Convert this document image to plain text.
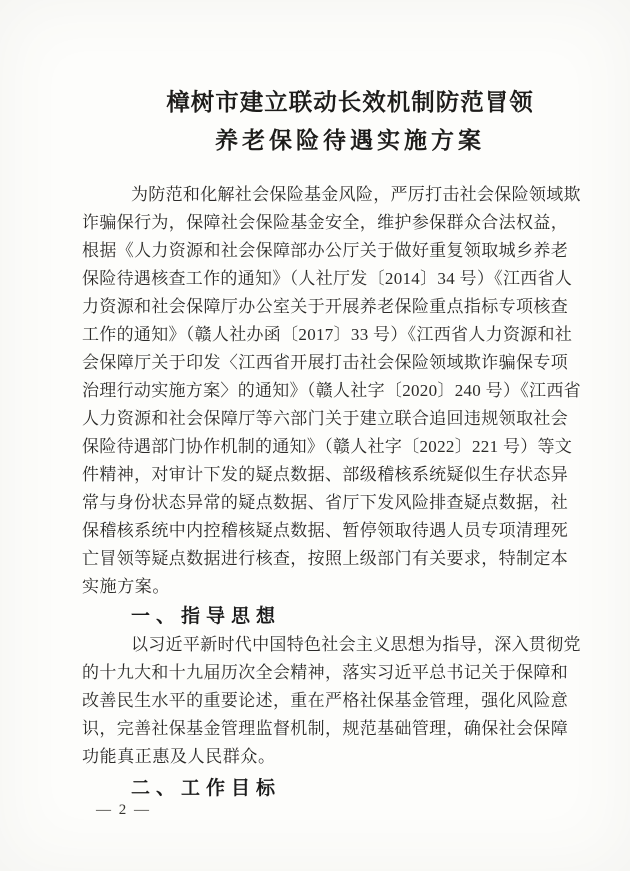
樟树市建立联动长效机制防范冒领
养老保险待遇实施方案

为防范和化解社会保险基金风险，严厉打击社会保险领域欺
诈骗保行为，保障社会保险基金安全，维护参保群众合法权益，
根据《人力资源和社会保障部办公厅关于做好重复领取城乡养老
保险待遇核查工作的通知》（人社厅发〔2014〕34 号）《江西省人
力资源和社会保障厅办公室关于开展养老保险重点指标专项核查
工作的通知》（赣人社办函〔2017〕33 号）《江西省人力资源和社
会保障厅关于印发〈江西省开展打击社会保险领域欺诈骗保专项
治理行动实施方案〉的通知》（赣人社字〔2020〕240 号）《江西省
人力资源和社会保障厅等六部门关于建立联合追回违规领取社会
保险待遇部门协作机制的通知》（赣人社字〔2022〕221 号）等文
件精神，对审计下发的疑点数据、部级稽核系统疑似生存状态异
常与身份状态异常的疑点数据、省厅下发风险排查疑点数据，社
保稽核系统中内控稽核疑点数据、暂停领取待遇人员专项清理死
亡冒领等疑点数据进行核查，按照上级部门有关要求，特制定本
实施方案。

一、指导思想

以习近平新时代中国特色社会主义思想为指导，深入贯彻党
的十九大和十九届历次全会精神，落实习近平总书记关于保障和
改善民生水平的重要论述，重在严格社保基金管理，强化风险意
识，完善社保基金管理监督机制，规范基础管理，确保社会保障
功能真正惠及人民群众。

二、工作目标
— 2 —
